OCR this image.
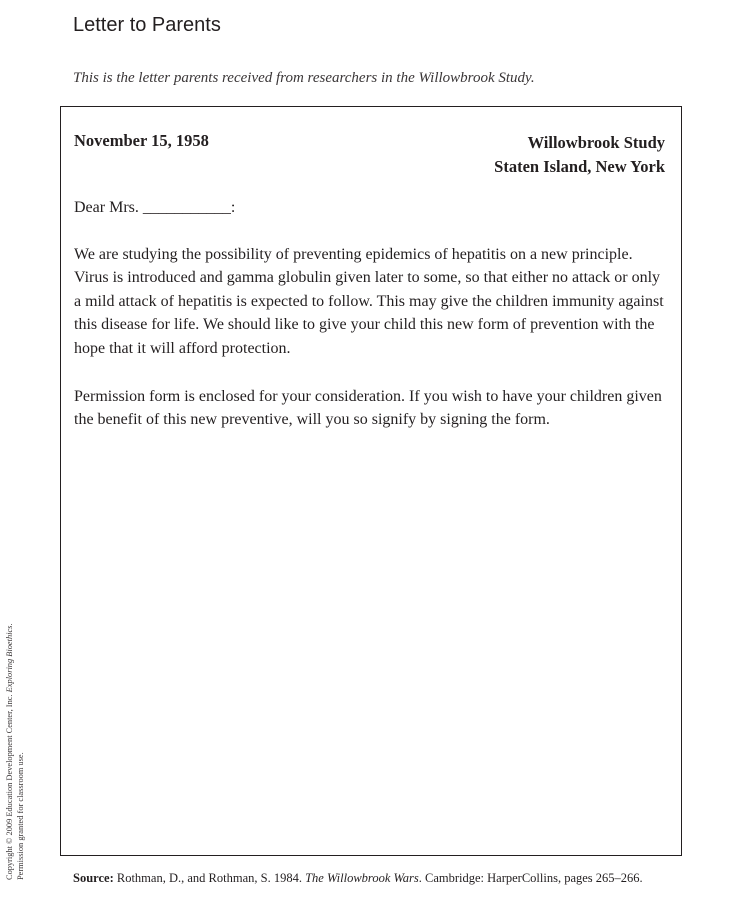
Letter to Parents

This is the letter parents received from researchers in the Willowbrook Study.

November 15, 1958	Willowbrook Study
Staten Island, New York
Dear Mrs. ___________:

We are studying the possibility of preventing epidemics of hepatitis on a new principle. Virus is introduced and gamma globulin given later to some, so that either no attack or only a mild attack of hepatitis is expected to follow. This may give the children immunity against this disease for life. We should like to give your child this new form of prevention with the hope that it will afford protection.

Permission form is enclosed for your consideration. If you wish to have your children given the benefit of this new preventive, will you so signify by signing the form.

Source: Rothman, D., and Rothman, S. 1984. The Willowbrook Wars. Cambridge: HarperCollins, pages 265–266.
Copyright © 2009 Education Development Center, Inc. Exploring Bioethics.
Permission granted for classroom use.
